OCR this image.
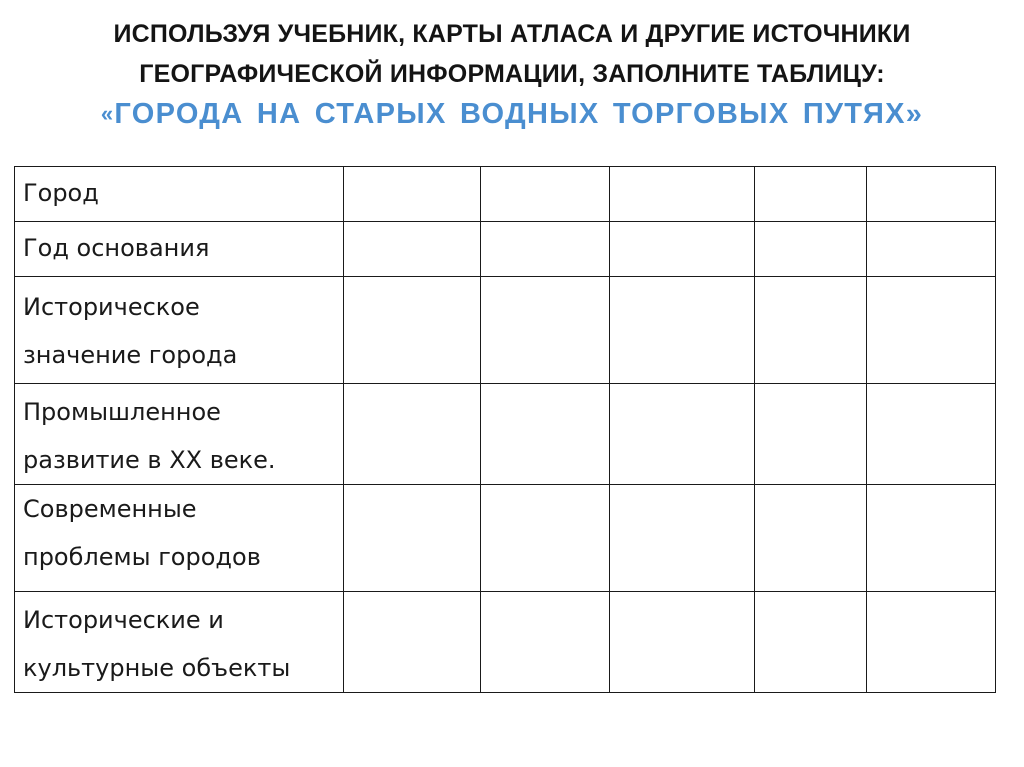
ИСПОЛЬЗУЯ УЧЕБНИК, КАРТЫ АТЛАСА И ДРУГИЕ ИСТОЧНИКИ
ГЕОГРАФИЧЕСКОЙ ИНФОРМАЦИИ, ЗАПОЛНИТЕ ТАБЛИЦУ:
«ГОРОДА НА СТАРЫХ ВОДНЫХ ТОРГОВЫХ ПУТЯХ»
Город					

Год основания					

Историческое
значение города					

Промышленное
развитие в XX веке.					

Современные
проблемы городов					

Исторические и
культурные объекты					
